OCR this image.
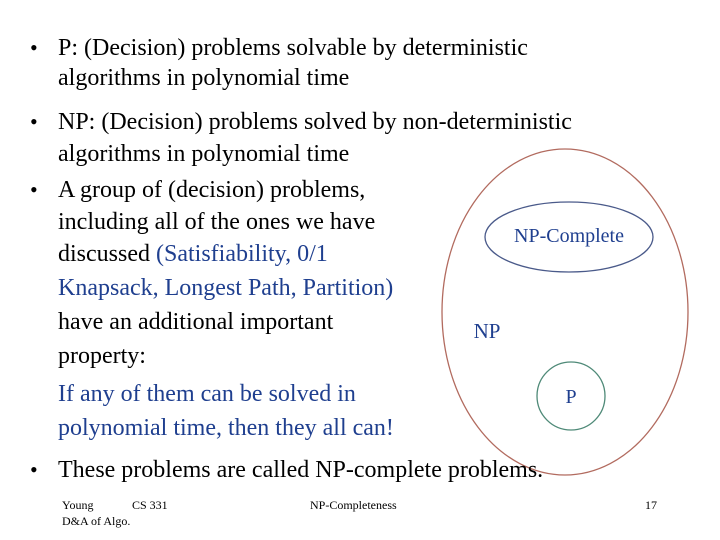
NP-Complete
NP
P
• P: (Decision) problems solvable by deterministic
algorithms in polynomial time
• NP: (Decision) problems solved by non-deterministic
algorithms in polynomial time
• A group of (decision) problems,
including all of the ones we have
discussed (Satisfiability, 0/1
Knapsack, Longest Path, Partition)
have an additional important
property:
If any of them can be solved in
polynomial time, then they all can!
• These problems are called NP-complete problems.
Young	CS 331
D&A of Algo.
NP-Completeness	17
